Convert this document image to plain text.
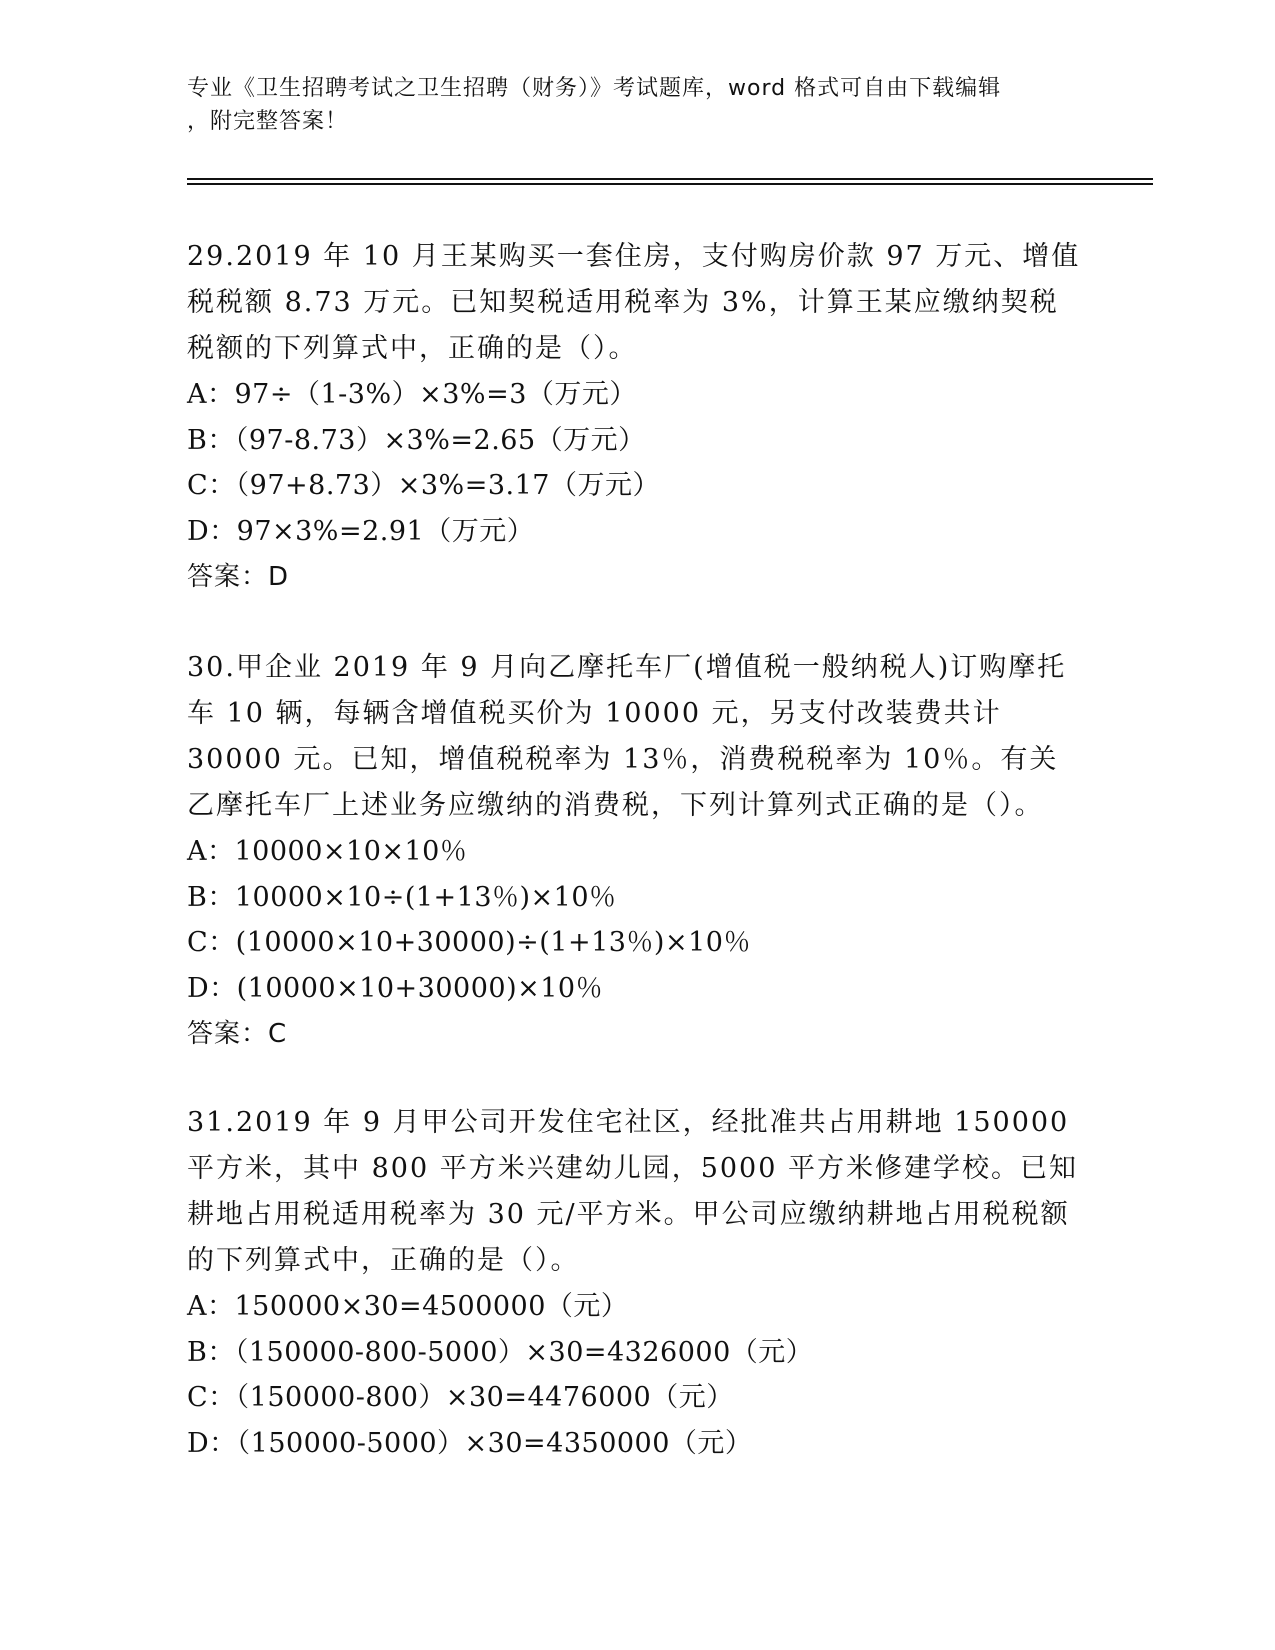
专业《卫生招聘考试之卫生招聘（财务）》考试题库，word 格式可自由下载编辑
，附完整答案！

29.2019 年 10 月王某购买一套住房，支付购房价款 97 万元、增值税税额 8.73 万元。已知契税适用税率为 3%，计算王某应缴纳契税税额的下列算式中，正确的是（）。

A：97÷（1-3%）×3%=3（万元）

B：（97-8.73）×3%=2.65（万元）

C：（97+8.73）×3%=3.17（万元）

D：97×3%=2.91（万元）

答案：D

30.甲企业 2019 年 9 月向乙摩托车厂(增值税一般纳税人)订购摩托车 10 辆，每辆含增值税买价为 10000 元，另支付改装费共计 30000 元。已知，增值税税率为 13％，消费税税率为 10％。有关乙摩托车厂上述业务应缴纳的消费税，下列计算列式正确的是（）。

A：10000×10×10％

B：10000×10÷(1+13％)×10％

C：(10000×10+30000)÷(1+13％)×10％

D：(10000×10+30000)×10％

答案：C

31.2019 年 9 月甲公司开发住宅社区，经批准共占用耕地 150000 平方米，其中 800 平方米兴建幼儿园，5000 平方米修建学校。已知耕地占用税适用税率为 30 元/平方米。甲公司应缴纳耕地占用税税额的下列算式中，正确的是（）。

A：150000×30=4500000（元）

B：（150000-800-5000）×30=4326000（元）

C：（150000-800）×30=4476000（元）

D：（150000-5000）×30=4350000（元）
